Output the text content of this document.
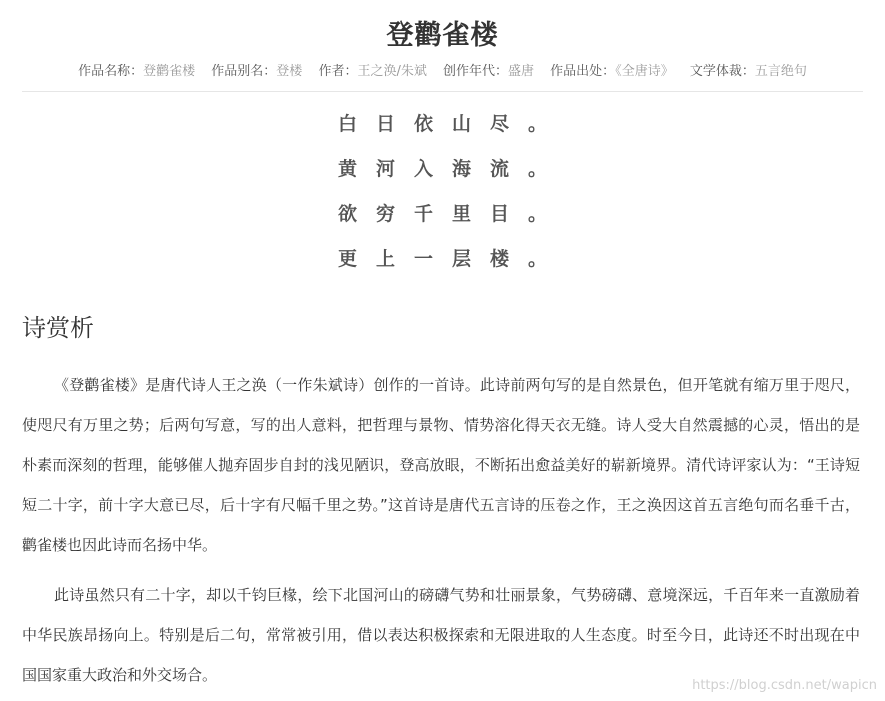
登鹳雀楼
作品名称：登鹳雀楼 作品别名：登楼 作者：王之涣/朱斌 创作年代：盛唐 作品出处：《全唐诗》 文学体裁：五言绝句
白日依山尽。
黄河入海流。
欲穷千里目。
更上一层楼。
诗赏析

《登鹳雀楼》是唐代诗人王之涣（一作朱斌诗）创作的一首诗。此诗前两句写的是自然景色，但开笔就有缩万里于咫尺，使咫尺有万里之势；后两句写意，写的出人意料，把哲理与景物、情势溶化得天衣无缝。诗人受大自然震撼的心灵，悟出的是朴素而深刻的哲理，能够催人抛弃固步自封的浅见陋识，登高放眼，不断拓出愈益美好的崭新境界。清代诗评家认为：“王诗短短二十字，前十字大意已尽，后十字有尺幅千里之势。”这首诗是唐代五言诗的压卷之作，王之涣因这首五言绝句而名垂千古，鹳雀楼也因此诗而名扬中华。

此诗虽然只有二十字，却以千钧巨椽，绘下北国河山的磅礴气势和壮丽景象，气势磅礴、意境深远，千百年来一直激励着中华民族昂扬向上。特别是后二句，常常被引用，借以表达积极探索和无限进取的人生态度。时至今日，此诗还不时出现在中国国家重大政治和外交场合。

https://blog.csdn.net/wapicn
